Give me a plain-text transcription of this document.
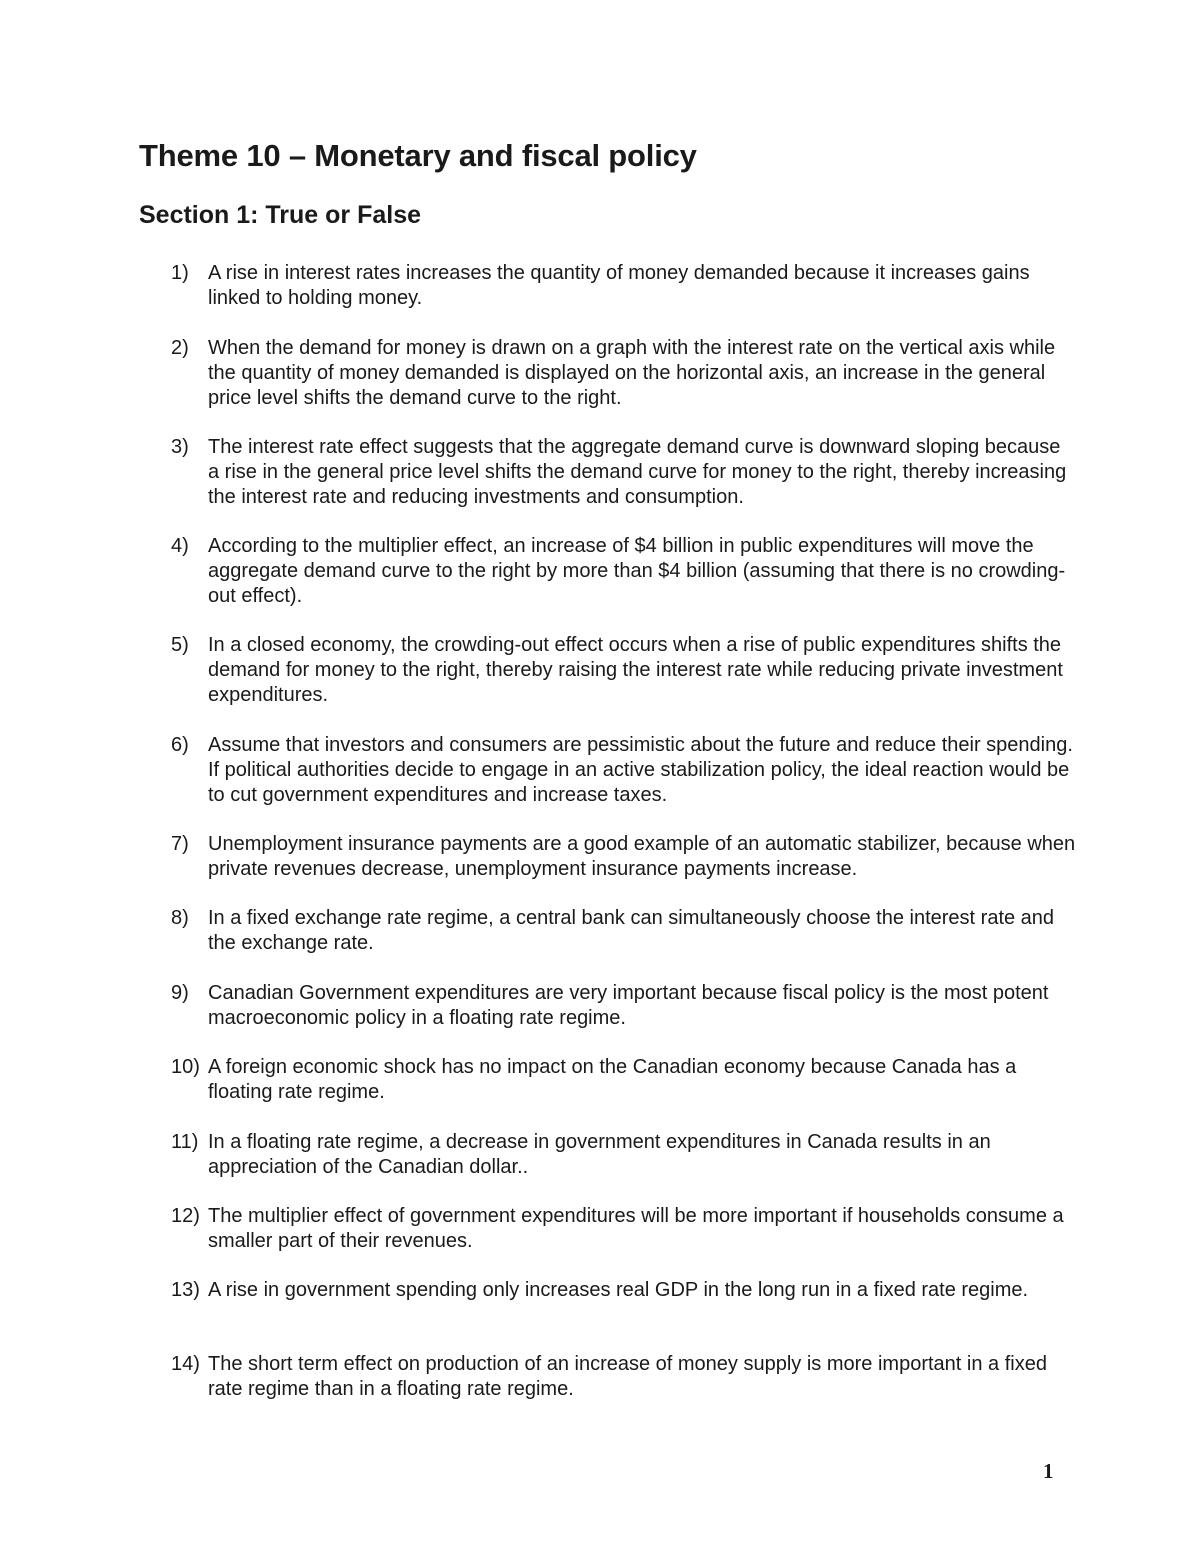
Theme 10 – Monetary and fiscal policy
Section 1: True or False
1) A rise in interest rates increases the quantity of money demanded because it increases gains linked to holding money.
2) When the demand for money is drawn on a graph with the interest rate on the vertical axis while the quantity of money demanded is displayed on the horizontal axis, an increase in the general price level shifts the demand curve to the right.
3) The interest rate effect suggests that the aggregate demand curve is downward sloping because a rise in the general price level shifts the demand curve for money to the right, thereby increasing the interest rate and reducing investments and consumption.
4) According to the multiplier effect, an increase of $4 billion in public expenditures will move the aggregate demand curve to the right by more than $4 billion (assuming that there is no crowding-out effect).
5) In a closed economy, the crowding-out effect occurs when a rise of public expenditures shifts the demand for money to the right, thereby raising the interest rate while reducing private investment expenditures.
6) Assume that investors and consumers are pessimistic about the future and reduce their spending. If political authorities decide to engage in an active stabilization policy, the ideal reaction would be to cut government expenditures and increase taxes.
7) Unemployment insurance payments are a good example of an automatic stabilizer, because when private revenues decrease, unemployment insurance payments increase.
8) In a fixed exchange rate regime, a central bank can simultaneously choose the interest rate and the exchange rate.
9) Canadian Government expenditures are very important because fiscal policy is the most potent macroeconomic policy in a floating rate regime.
10) A foreign economic shock has no impact on the Canadian economy because Canada has a floating rate regime.
11) In a floating rate regime, a decrease in government expenditures in Canada results in an appreciation of the Canadian dollar..
12) The multiplier effect of government expenditures will be more important if households consume a smaller part of their revenues.
13) A rise in government spending only increases real GDP in the long run in a fixed rate regime.
14) The short term effect on production of an increase of money supply is more important in a fixed rate regime than in a floating rate regime.
1
